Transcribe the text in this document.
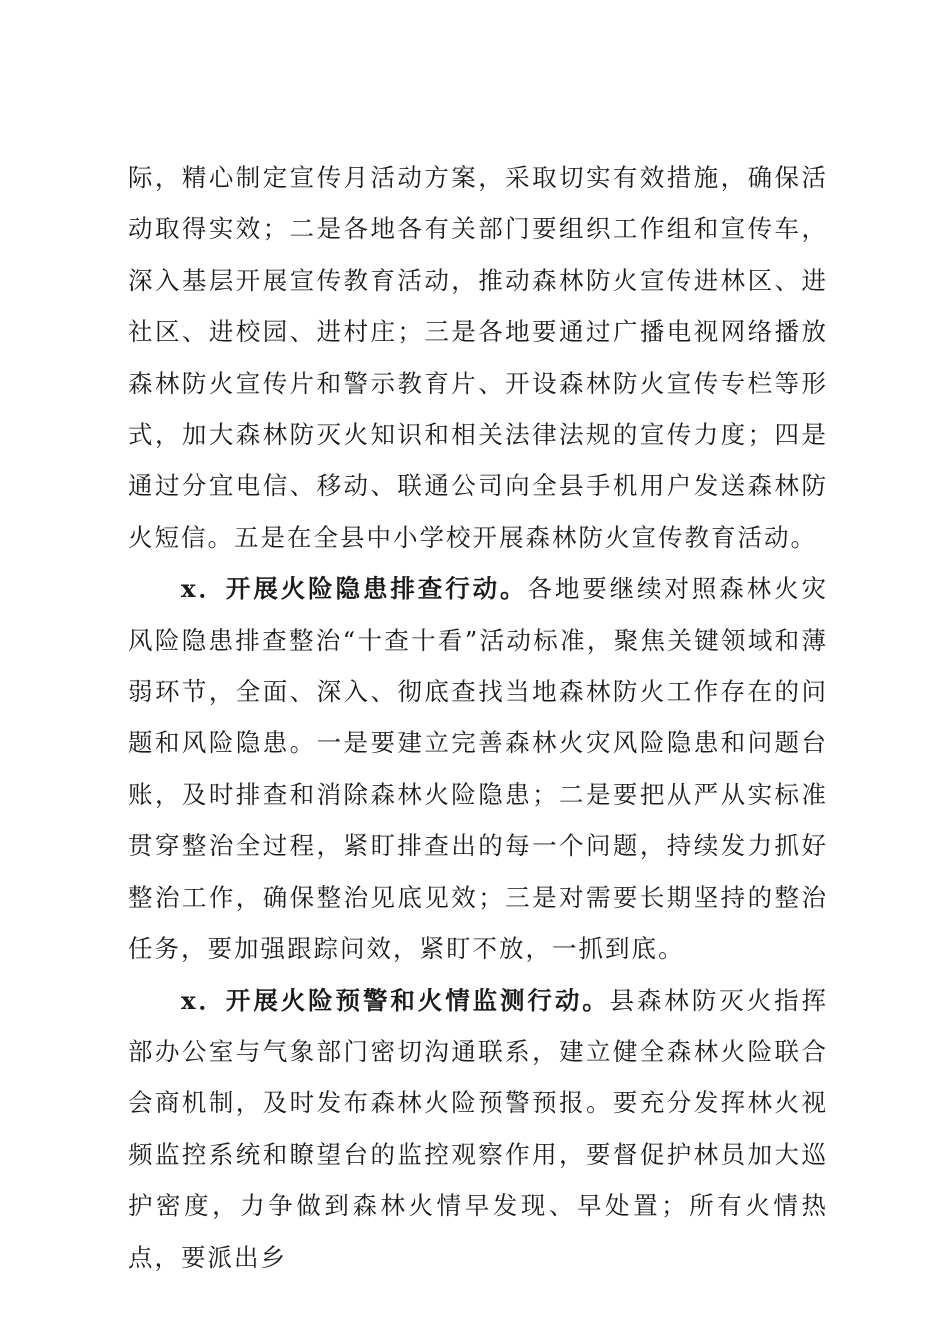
际，精心制定宣传月活动方案，采取切实有效措施，确保活动取得实效；二是各地各有关部门要组织工作组和宣传车，深入基层开展宣传教育活动，推动森林防火宣传进林区、进社区、进校园、进村庄；三是各地要通过广播电视网络播放森林防火宣传片和警示教育片、开设森林防火宣传专栏等形式，加大森林防灭火知识和相关法律法规的宣传力度；四是通过分宜电信、移动、联通公司向全县手机用户发送森林防火短信。五是在全县中小学校开展森林防火宣传教育活动。

x．开展火险隐患排查行动。各地要继续对照森林火灾风险隐患排查整治“十查十看”活动标准，聚焦关键领域和薄弱环节，全面、深入、彻底查找当地森林防火工作存在的问题和风险隐患。一是要建立完善森林火灾风险隐患和问题台账，及时排查和消除森林火险隐患；二是要把从严从实标准贯穿整治全过程，紧盯排查出的每一个问题，持续发力抓好整治工作，确保整治见底见效；三是对需要长期坚持的整治任务，要加强跟踪问效，紧盯不放，一抓到底。

x．开展火险预警和火情监测行动。县森林防灭火指挥部办公室与气象部门密切沟通联系，建立健全森林火险联合会商机制，及时发布森林火险预警预报。要充分发挥林火视频监控系统和瞭望台的监控观察作用，要督促护林员加大巡护密度，力争做到森林火情早发现、早处置；所有火情热点，要派出乡
